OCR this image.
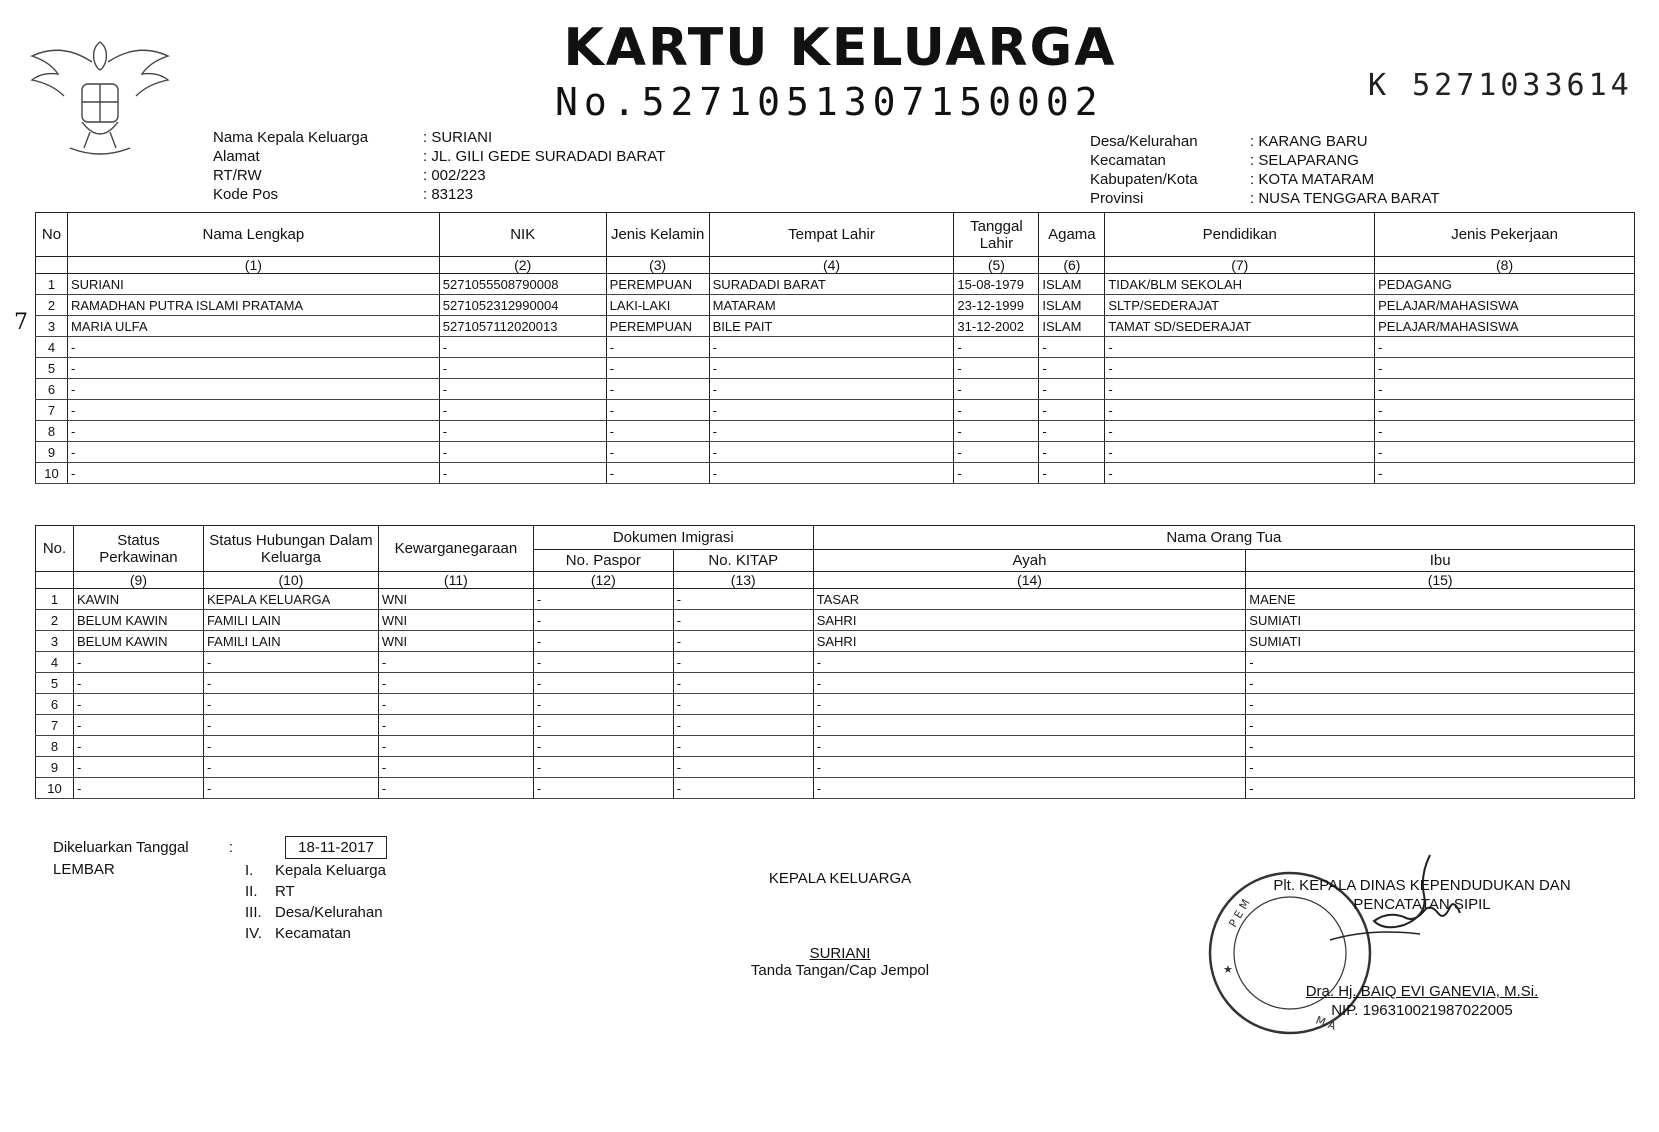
KARTU KELUARGA
No.5271051307150002	K 5271033614
7
Nama Kepala Keluarga	: SURIANI
Alamat	: JL. GILI GEDE SURADADI BARAT
RT/RW	: 002/223
Kode Pos	: 83123
Desa/Kelurahan	: KARANG BARU
Kecamatan	: SELAPARANG
Kabupaten/Kota	: KOTA MATARAM
Provinsi	: NUSA TENGGARA BARAT
No	Nama Lengkap	NIK	Jenis Kelamin	Tempat Lahir	Tanggal Lahir	Agama	Pendidikan	Jenis Pekerjaan
	(1)	(2)	(3)	(4)	(5)	(6)	(7)	(8)
1	SURIANI	5271055508790008	PEREMPUAN	SURADADI BARAT	15-08-1979	ISLAM	TIDAK/BLM SEKOLAH	PEDAGANG
2	RAMADHAN PUTRA ISLAMI PRATAMA	5271052312990004	LAKI-LAKI	MATARAM	23-12-1999	ISLAM	SLTP/SEDERAJAT	PELAJAR/MAHASISWA
3	MARIA ULFA	5271057112020013	PEREMPUAN	BILE PAIT	31-12-2002	ISLAM	TAMAT SD/SEDERAJAT	PELAJAR/MAHASISWA
4	-	-	-	-	-	-	-	-
5	-	-	-	-	-	-	-	-
6	-	-	-	-	-	-	-	-
7	-	-	-	-	-	-	-	-
8	-	-	-	-	-	-	-	-
9	-	-	-	-	-	-	-	-
10	-	-	-	-	-	-	-	-
No.	Status Perkawinan	Status Hubungan Dalam Keluarga	Kewarganegaraan	Dokumen Imigrasi		Nama Orang Tua	
				No. Paspor	No. KITAP	Ayah	Ibu
	(9)	(10)	(11)	(12)	(13)	(14)	(15)
1	KAWIN	KEPALA KELUARGA	WNI	-	-	TASAR	MAENE
2	BELUM KAWIN	FAMILI LAIN	WNI	-	-	SAHRI	SUMIATI
3	BELUM KAWIN	FAMILI LAIN	WNI	-	-	SAHRI	SUMIATI
4	-	-	-	-	-	-	-
5	-	-	-	-	-	-	-
6	-	-	-	-	-	-	-
7	-	-	-	-	-	-	-
8	-	-	-	-	-	-	-
9	-	-	-	-	-	-	-
10	-	-	-	-	-	-	-
Dikeluarkan Tanggal	:	18-11-2017
LEMBAR	I.	Kepala Keluarga
II.	RT
III. Desa/Kelurahan
IV. Kecamatan
KEPALA KELUARGA
SURIANI
Tanda Tangan/Cap Jempol
P E M
M A
★
Plt. KEPALA DINAS KEPENDUDUKAN DAN
PENCATATAN SIPIL
Dra. Hj. BAIQ EVI GANEVIA, M.Si.
NIP. 196310021987022005
